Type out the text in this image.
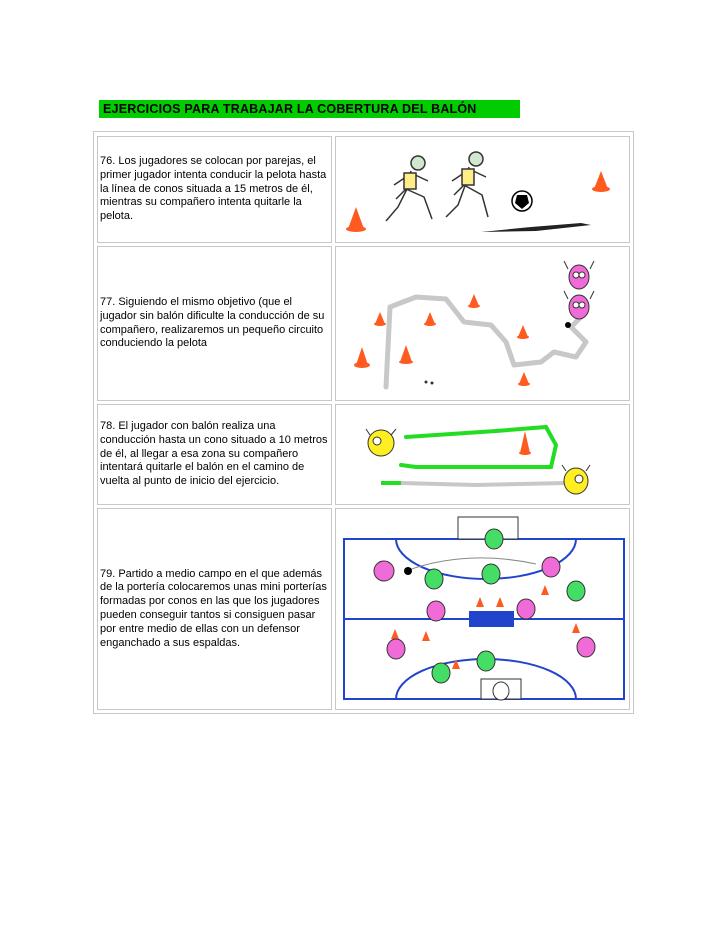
EJERCICIOS PARA TRABAJAR LA COBERTURA DEL BALÓN
76. Los jugadores se colocan por parejas, el primer jugador intenta conducir la pelota hasta la línea de conos situada a 15 metros de él, mientras su compañero intenta quitarle la pelota.
77. Siguiendo el mismo objetivo (que el jugador sin balón dificulte la conducción de su compañero, realizaremos un pequeño circuito conduciendo la pelota
78. El jugador con balón realiza una conducción hasta un cono situado a 10 metros de él, al llegar a esa zona su compañero intentará quitarle el balón en el camino de vuelta al punto de inicio del ejercicio.
79. Partido a medio campo en el que además de la portería colocaremos unas mini porterías formadas por conos en las que los jugadores pueden conseguir tantos si consiguen pasar por entre medio de ellas con un defensor enganchado a sus espaldas.
